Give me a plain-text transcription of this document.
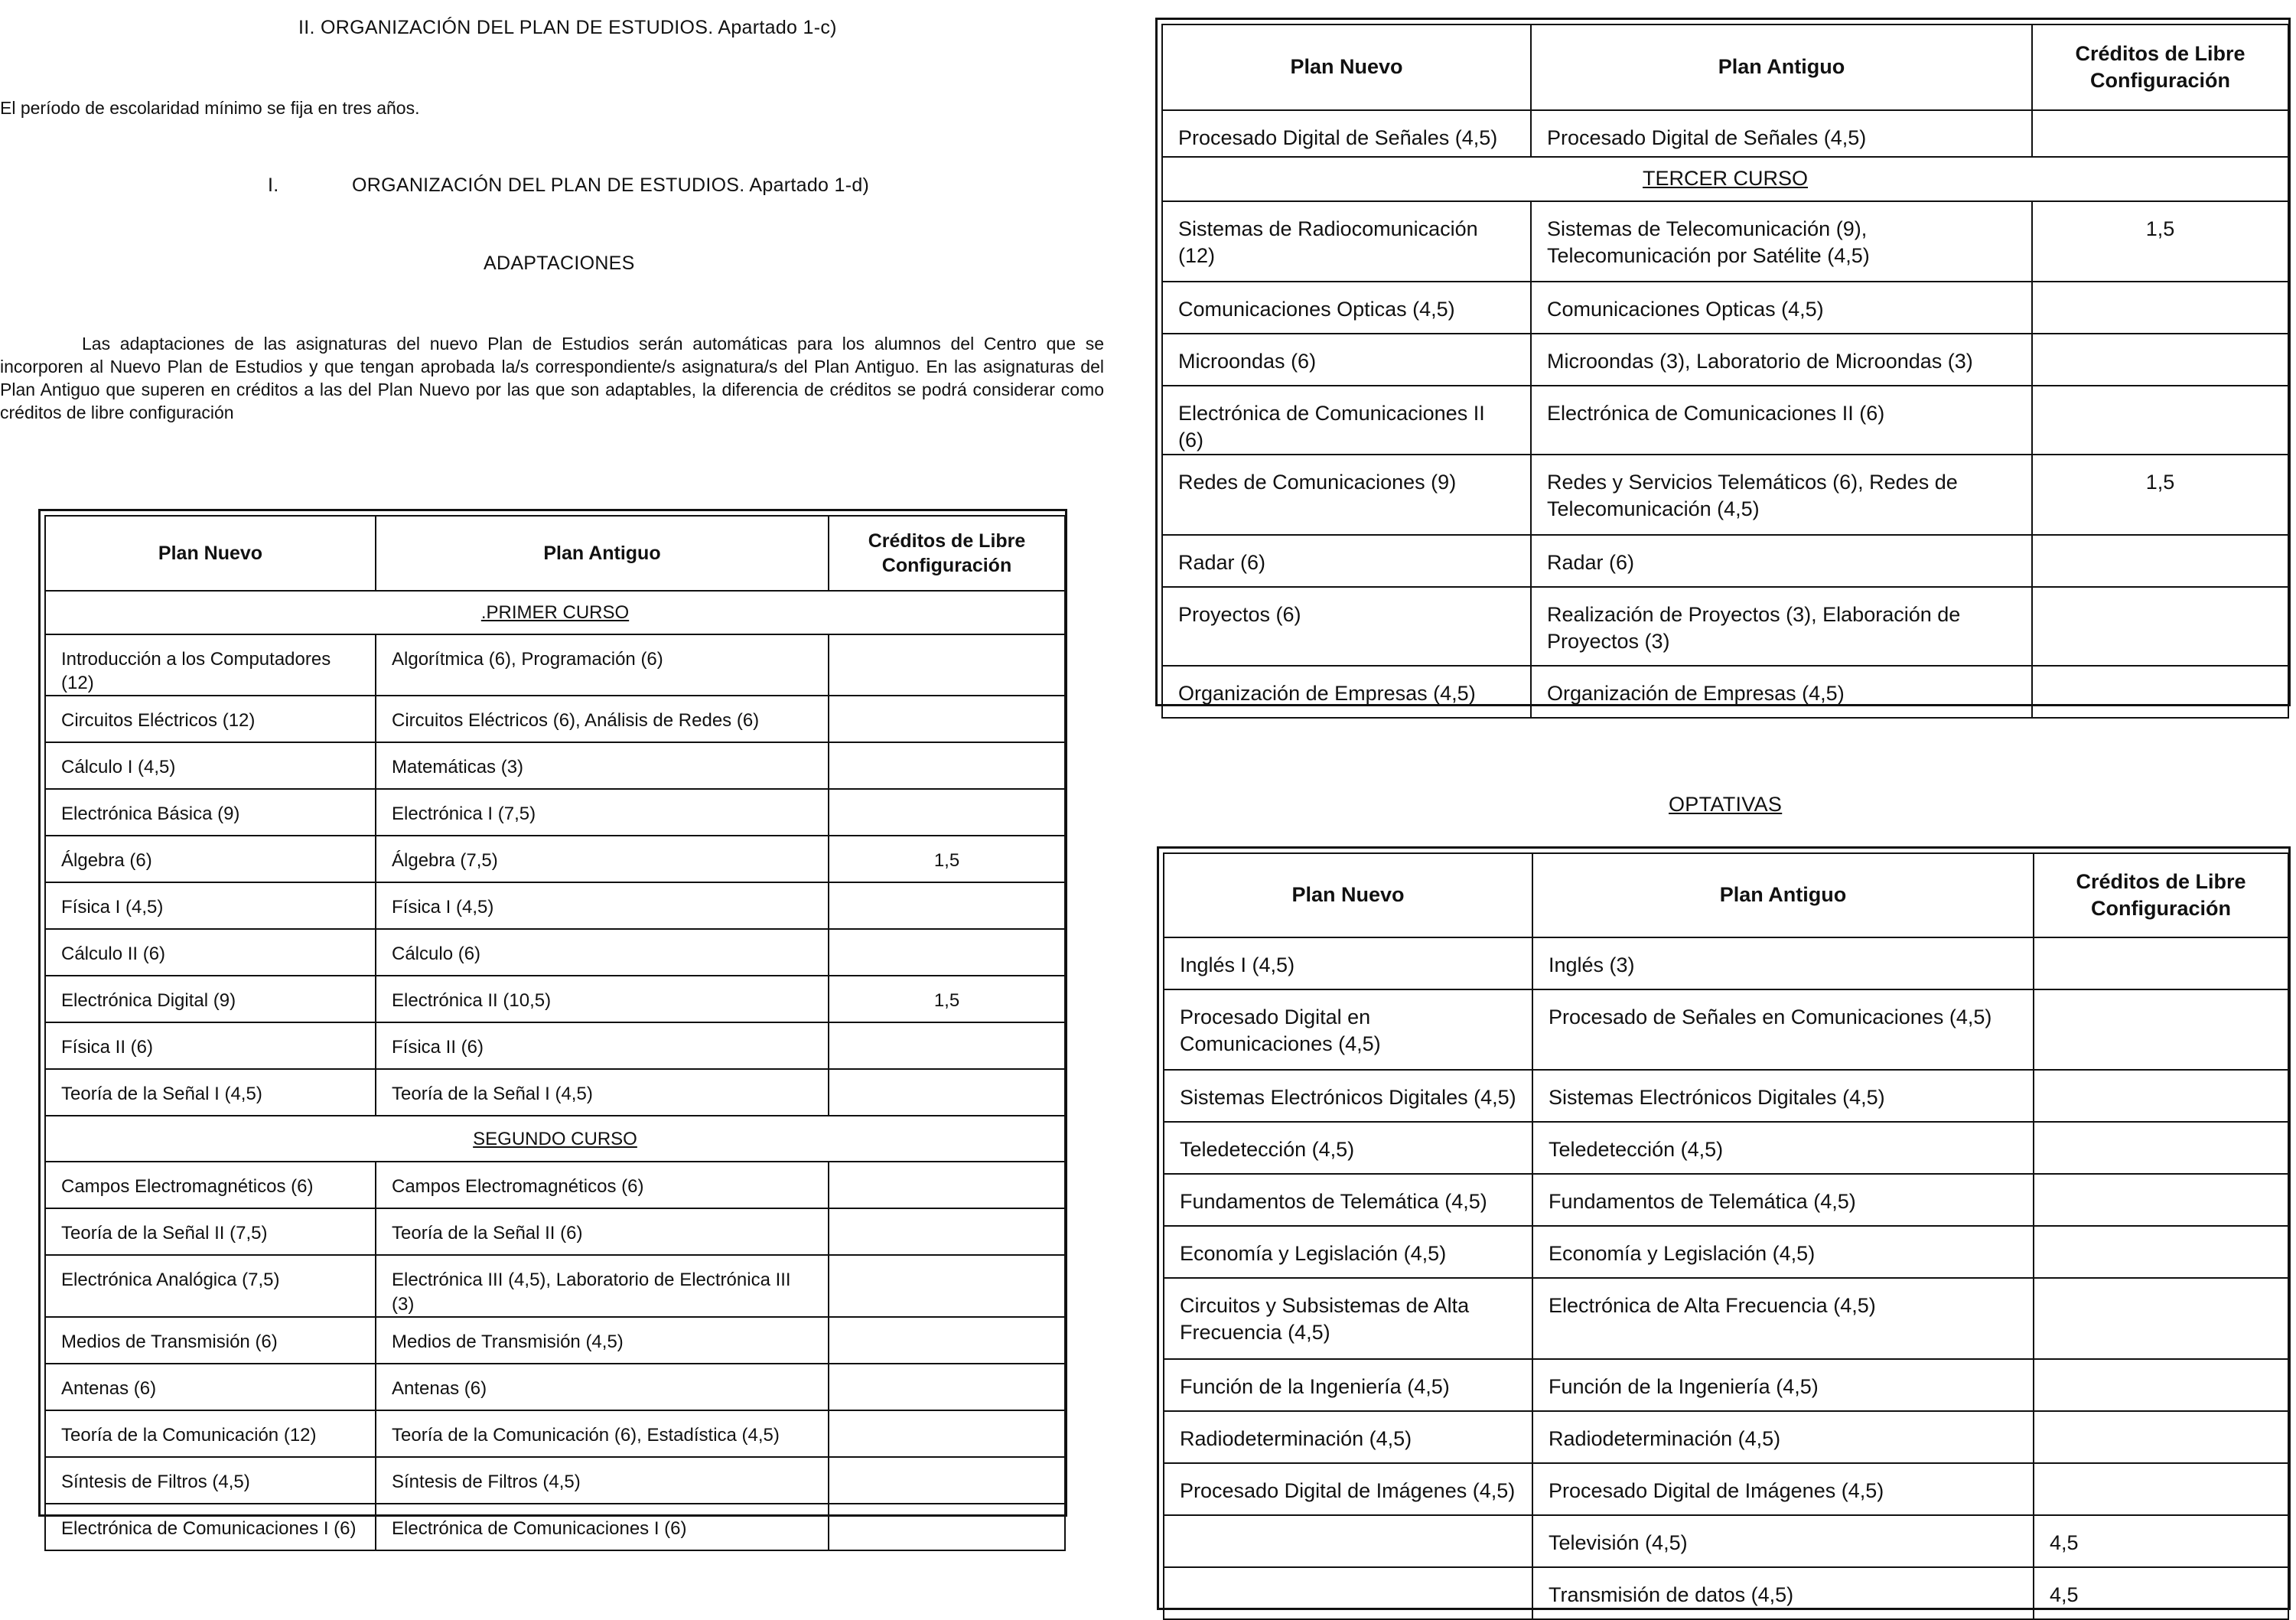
II. ORGANIZACIÓN DEL PLAN DE ESTUDIOS. Apartado 1-c)
El período de escolaridad mínimo se fija en tres años.
I.	ORGANIZACIÓN DEL PLAN DE ESTUDIOS. Apartado 1-d)
ADAPTACIONES
Las adaptaciones de las asignaturas del nuevo Plan de Estudios serán automáticas para los alumnos del Centro que se incorporen al Nuevo Plan de Estudios y que tengan aprobada la/s correspondiente/s asignatura/s del Plan Antiguo. En las asignaturas del Plan Antiguo que superen en créditos a las del Plan Nuevo por las que son adaptables, la diferencia de créditos se podrá considerar como créditos de libre configuración
Plan Nuevo	Plan Antiguo	Créditos de Libre Configuración
.PRIMER CURSO		
Introducción a los Computadores (12)	Algorítmica (6), Programación (6)	
Circuitos Eléctricos (12)	Circuitos Eléctricos (6), Análisis de Redes (6)	
Cálculo I (4,5)	Matemáticas (3)	
Electrónica Básica (9)	Electrónica I (7,5)	
Álgebra (6)	Álgebra (7,5)	1,5
Física I (4,5)	Física I (4,5)	
Cálculo II (6)	Cálculo (6)	
Electrónica Digital (9)	Electrónica II (10,5)	1,5
Física II (6)	Física II (6)	
Teoría de la Señal I (4,5)	Teoría de la Señal I (4,5)	
SEGUNDO CURSO		
Campos Electromagnéticos (6)	Campos Electromagnéticos (6)	
Teoría de la Señal II (7,5)	Teoría de la Señal II (6)	
Electrónica Analógica (7,5)	Electrónica III (4,5), Laboratorio de Electrónica III (3)	
Medios de Transmisión (6)	Medios de Transmisión (4,5)	
Antenas (6)	Antenas (6)	
Teoría de la Comunicación (12)	Teoría de la Comunicación (6), Estadística (4,5)	
Síntesis de Filtros (4,5)	Síntesis de Filtros (4,5)	
Electrónica de Comunicaciones I (6)	Electrónica de Comunicaciones I (6)	
Plan Nuevo	Plan Antiguo	Créditos de Libre Configuración
Procesado Digital de Señales (4,5)	Procesado Digital de Señales (4,5)	
TERCER CURSO		
Sistemas de Radiocomunicación (12)	Sistemas de Telecomunicación (9), Telecomunicación por Satélite (4,5)	1,5
Comunicaciones Opticas (4,5)	Comunicaciones Opticas (4,5)	
Microondas (6)	Microondas (3), Laboratorio de Microondas (3)	
Electrónica de Comunicaciones II (6)	Electrónica de Comunicaciones II (6)	
Redes de Comunicaciones (9)	Redes y Servicios Telemáticos (6), Redes de Telecomunicación (4,5)	1,5
Radar (6)	Radar (6)	
Proyectos (6)	Realización de Proyectos (3), Elaboración de Proyectos (3)	
Organización de Empresas (4,5)	Organización de Empresas (4,5)	
OPTATIVAS
Plan Nuevo	Plan Antiguo	Créditos de Libre Configuración
Inglés I (4,5)	Inglés (3)	
Procesado Digital en Comunicaciones (4,5)	Procesado de Señales en Comunicaciones (4,5)	
Sistemas Electrónicos Digitales (4,5)	Sistemas Electrónicos Digitales (4,5)	
Teledetección (4,5)	Teledetección (4,5)	
Fundamentos de Telemática (4,5)	Fundamentos de Telemática (4,5)	
Economía y Legislación (4,5)	Economía y Legislación (4,5)	
Circuitos y Subsistemas de Alta Frecuencia (4,5)	Electrónica de Alta Frecuencia (4,5)	
Función de la Ingeniería (4,5)	Función de la Ingeniería (4,5)	
Radiodeterminación (4,5)	Radiodeterminación (4,5)	
Procesado Digital de Imágenes (4,5)	Procesado Digital de Imágenes (4,5)	
	Televisión (4,5)	4,5
	Transmisión de datos (4,5)	4,5
